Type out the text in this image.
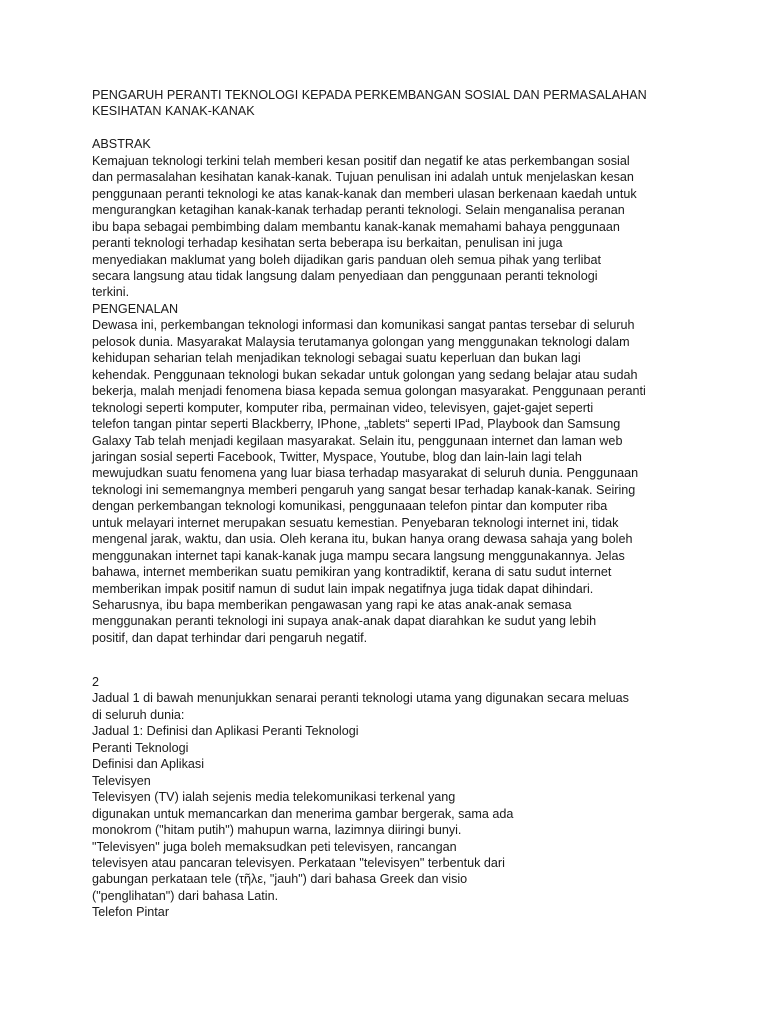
PENGARUH PERANTI TEKNOLOGI KEPADA PERKEMBANGAN SOSIAL DAN PERMASALAHAN
KESIHATAN KANAK-KANAK
ABSTRAK
Kemajuan teknologi terkini telah memberi kesan positif dan negatif ke atas perkembangan sosial
dan permasalahan kesihatan kanak-kanak. Tujuan penulisan ini adalah untuk menjelaskan kesan
penggunaan peranti teknologi ke atas kanak-kanak dan memberi ulasan berkenaan kaedah untuk
mengurangkan ketagihan kanak-kanak terhadap peranti teknologi. Selain menganalisa peranan
ibu bapa sebagai pembimbing dalam membantu kanak-kanak memahami bahaya penggunaan
peranti teknologi terhadap kesihatan serta beberapa isu berkaitan, penulisan ini juga
menyediakan maklumat yang boleh dijadikan garis panduan oleh semua pihak yang terlibat
secara langsung atau tidak langsung dalam penyediaan dan penggunaan peranti teknologi
terkini.
PENGENALAN
Dewasa ini, perkembangan teknologi informasi dan komunikasi sangat pantas tersebar di seluruh
pelosok dunia. Masyarakat Malaysia terutamanya golongan yang menggunakan teknologi dalam
kehidupan seharian telah menjadikan teknologi sebagai suatu keperluan dan bukan lagi
kehendak. Penggunaan teknologi bukan sekadar untuk golongan yang sedang belajar atau sudah
bekerja, malah menjadi fenomena biasa kepada semua golongan masyarakat. Penggunaan peranti
teknologi seperti komputer, komputer riba, permainan video, televisyen, gajet-gajet seperti
telefon tangan pintar seperti Blackberry, IPhone, „tablets“ seperti IPad, Playbook dan Samsung
Galaxy Tab telah menjadi kegilaan masyarakat. Selain itu, penggunaan internet dan laman web
jaringan sosial seperti Facebook, Twitter, Myspace, Youtube, blog dan lain-lain lagi telah
mewujudkan suatu fenomena yang luar biasa terhadap masyarakat di seluruh dunia. Penggunaan
teknologi ini sememangnya memberi pengaruh yang sangat besar terhadap kanak-kanak. Seiring
dengan perkembangan teknologi komunikasi, penggunaaan telefon pintar dan komputer riba
untuk melayari internet merupakan sesuatu kemestian. Penyebaran teknologi internet ini, tidak
mengenal jarak, waktu, dan usia. Oleh kerana itu, bukan hanya orang dewasa sahaja yang boleh
menggunakan internet tapi kanak-kanak juga mampu secara langsung menggunakannya. Jelas
bahawa, internet memberikan suatu pemikiran yang kontradiktif, kerana di satu sudut internet
memberikan impak positif namun di sudut lain impak negatifnya juga tidak dapat dihindari.
Seharusnya, ibu bapa memberikan pengawasan yang rapi ke atas anak-anak semasa
menggunakan peranti teknologi ini supaya anak-anak dapat diarahkan ke sudut yang lebih
positif, dan dapat terhindar dari pengaruh negatif.
2
Jadual 1 di bawah menunjukkan senarai peranti teknologi utama yang digunakan secara meluas
di seluruh dunia:
Jadual 1: Definisi dan Aplikasi Peranti Teknologi
Peranti Teknologi
Definisi dan Aplikasi
Televisyen
Televisyen (TV) ialah sejenis media telekomunikasi terkenal yang
digunakan untuk memancarkan dan menerima gambar bergerak, sama ada
monokrom ("hitam putih") mahupun warna, lazimnya diiringi bunyi.
"Televisyen" juga boleh memaksudkan peti televisyen, rancangan
televisyen atau pancaran televisyen. Perkataan "televisyen" terbentuk dari
gabungan perkataan tele (τῆλε, "jauh") dari bahasa Greek dan visio
("penglihatan") dari bahasa Latin.
Telefon Pintar
